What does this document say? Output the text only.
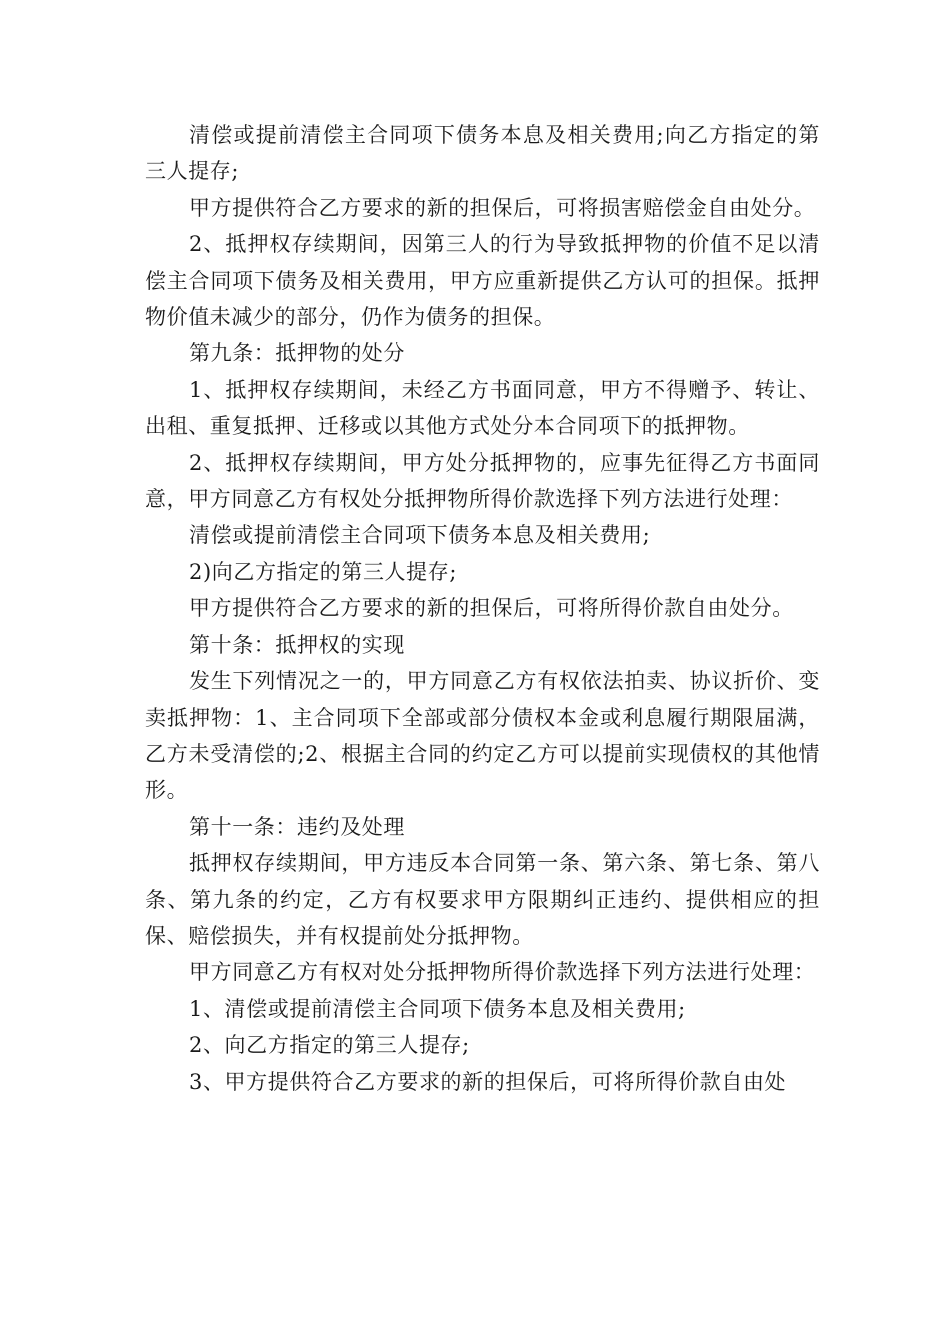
清偿或提前清偿主合同项下债务本息及相关费用;向乙方指定的第三人提存;

甲方提供符合乙方要求的新的担保后，可将损害赔偿金自由处分。

2、抵押权存续期间，因第三人的行为导致抵押物的价值不足以清偿主合同项下债务及相关费用，甲方应重新提供乙方认可的担保。抵押物价值未减少的部分，仍作为债务的担保。

第九条：抵押物的处分

1、抵押权存续期间，未经乙方书面同意，甲方不得赠予、转让、出租、重复抵押、迁移或以其他方式处分本合同项下的抵押物。

2、抵押权存续期间，甲方处分抵押物的，应事先征得乙方书面同意，甲方同意乙方有权处分抵押物所得价款选择下列方法进行处理：

清偿或提前清偿主合同项下债务本息及相关费用;

2)向乙方指定的第三人提存;

甲方提供符合乙方要求的新的担保后，可将所得价款自由处分。

第十条：抵押权的实现

发生下列情况之一的，甲方同意乙方有权依法拍卖、协议折价、变卖抵押物：1、主合同项下全部或部分债权本金或利息履行期限届满，乙方未受清偿的;2、根据主合同的约定乙方可以提前实现债权的其他情形。

第十一条：违约及处理

抵押权存续期间，甲方违反本合同第一条、第六条、第七条、第八条、第九条的约定，乙方有权要求甲方限期纠正违约、提供相应的担保、赔偿损失，并有权提前处分抵押物。

甲方同意乙方有权对处分抵押物所得价款选择下列方法进行处理：

1、清偿或提前清偿主合同项下债务本息及相关费用;

2、向乙方指定的第三人提存;

3、甲方提供符合乙方要求的新的担保后，可将所得价款自由处
